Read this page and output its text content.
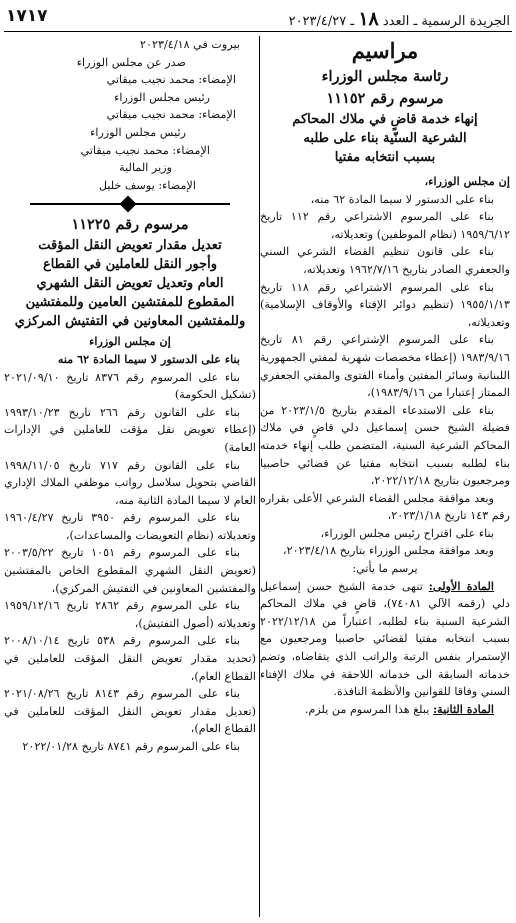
١٧١٧	الجريدة الرسمية ـ العدد ١٨ ـ ٢٠٢٣/٤/٢٧

مراسيم

رئاسة مجلس الوزراء

مرسوم رقم ١١١٥٢

إنهاء خدمة قاضٍ في ملاك المحاكم

الشرعية السنّية بناء على طلبه

بسبب انتخابه مفتيا

إن مجلس الوزراء،

بناء على الدستور لا سيما المادة ٦٢ منه،

بناء على المرسوم الاشتراعي رقم ١١٢ تاريخ ١٩٥٩/٦/١٢ (نظام الموظفين) وتعديلاته،

بناء على قانون تنظيم القضاء الشرعي السني والجعفري الصادر بتاريخ ١٩٦٢/٧/١٦ وتعديلاته،

بناء على المرسوم الاشتراعي رقم ١١٨ تاريخ ١٩٥٥/١/١٣ (تنظيم دوائر الإفتاء والأوقاف الإسلامية) وتعديلاته،

بناء على المرسوم الإشتراعي رقم ٨١ تاريخ ١٩٨٣/٩/١٦ (إعطاء مخصصات شهرية لمفتي الجمهورية اللبنانية وسائر المفتين وأمناء الفتوى والمفتي الجعفري الممتاز إعتبارا من ١٩٨٣/٩/١٦)،

بناء على الاستدعاء المقدم بتاريخ ٢٠٢٣/١/٥ من فضيلة الشيخ حسن إسماعيل دلي قاضٍ في ملاك المحاكم الشرعية السنية، المتضمن طلب إنهاء خدمته بناء لطلبه بسبب انتخابه مفتيا عن قضائي حاصبيا ومرجعيون بتاريخ ٢٠٢٢/١٢/١٨،

وبعد موافقة مجلس القضاء الشرعي الأعلى بقراره رقم ١٤٣ تاريخ ٢٠٢٣/١/١٨،

بناء على اقتراح رئيس مجلس الوزراء،

وبعد موافقة مجلس الوزراء بتاريخ ٢٠٢٣/٤/١٨،

يرسم ما يأتي:

المادة الأولى: تنهى خدمة الشيخ حسن إسماعيل دلي (رقمه الآلي ٧٤٠٨١)، قاضٍ في ملاك المحاكم الشرعية السنية بناء لطلبه، اعتباراً من ٢٠٢٢/١٢/١٨ بسبب انتخابه مفتيا لقضائي حاصبيا ومرجعيون مع الإستمرار بنفس الرتبة والراتب الذي يتقاضاه، وتضم خدماته السابقة الى خدماته اللاحقة في ملاك الإفتاء السني وفاقا للقوانين والأنظمة النافذة.

المادة الثانية: يبلغ هذا المرسوم من يلزم.

بيروت في ٢٠٢٣/٤/١٨

صدر عن مجلس الوزراء

الإمضاء: محمد نجيب ميقاتي

رئيس مجلس الوزراء

الإمضاء: محمد نجيب ميقاتي

رئيس مجلس الوزراء

الإمضاء: محمد نجيب ميقاتي

وزير المالية

الإمضاء: يوسف خليل

مرسوم رقم ١١٢٢٥

تعديل مقدار تعويض النقل المؤقت

وأجور النقل للعاملين في القطاع

العام وتعديل تعويض النقل الشهري

المقطوع للمفتشين العامين وللمفتشين

وللمفتشين المعاونين في التفتيش المركزي

إن مجلس الوزراء

بناء على الدستور لا سيما المادة ٦٢ منه

بناء على المرسوم رقم ٨٣٧٦ تاريخ ٢٠٢١/٠٩/١٠ (تشكيل الحكومة)

بناء على القانون رقم ٢٦٦ تاريخ ١٩٩٣/١٠/٢٣ (إعطاء تعويض نقل مؤقت للعاملين في الإدارات العامة)

بناء على القانون رقم ٧١٧ تاريخ ١٩٩٨/١١/٠٥ القاضي بتحويل سلاسل رواتب موظفي الملاك الإداري العام لا سيما المادة الثانية منه،

بناء على المرسوم رقم ٣٩٥٠ تاريخ ١٩٦٠/٤/٢٧ وتعديلاته (نظام التعويضات والمساعدات)،

بناء على المرسوم رقم ١٠٥١ تاريخ ٢٠٠٣/٥/٢٢ (تعويض النقل الشهري المقطوع الخاص بالمفتشين والمفتشين المعاونين في التفتيش المركزي)،

بناء على المرسوم رقم ٢٨٦٢ تاريخ ١٩٥٩/١٢/١٦ وتعديلاته (أصول التفتيش)،

بناء على المرسوم رقم ٥٣٨ تاريخ ٢٠٠٨/١٠/١٤ (تحديد مقدار تعويض النقل المؤقت للعاملين في القطاع العام)،

بناء على المرسوم رقم ٨١٤٣ تاريخ ٢٠٢١/٠٨/٢٦ (تعديل مقدار تعويض النقل المؤقت للعاملين في القطاع العام)،

بناء على المرسوم رقم ٨٧٤١ تاريخ ٢٠٢٢/٠١/٢٨
